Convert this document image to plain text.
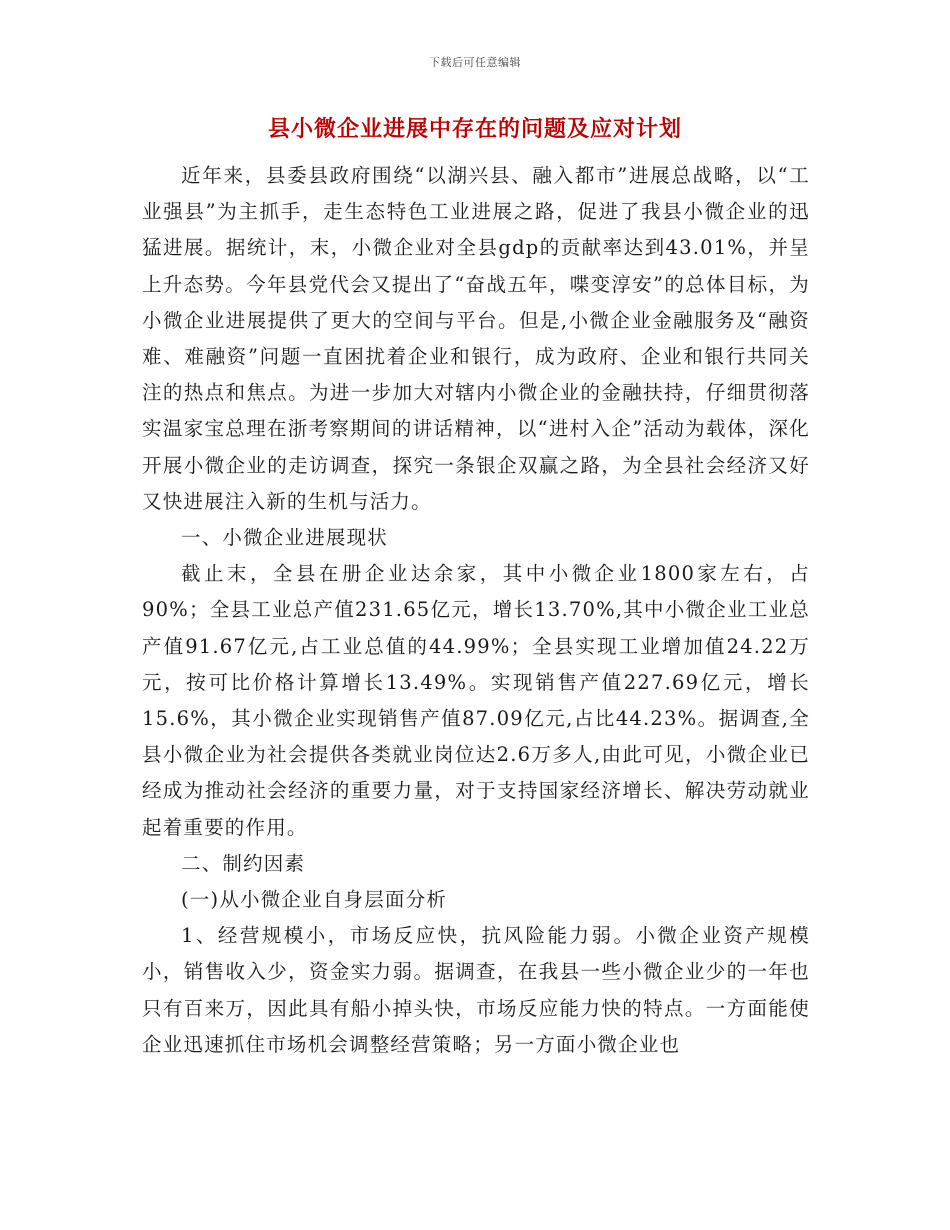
下载后可任意编辑
县小微企业进展中存在的问题及应对计划

近年来，县委县政府围绕“以湖兴县、融入都市”进展总战略，以“工业强县”为主抓手，走生态特色工业进展之路，促进了我县小微企业的迅猛进展。据统计，末，小微企业对全县gdp的贡献率达到43.01%，并呈上升态势。今年县党代会又提出了“奋战五年，喋变淳安”的总体目标，为小微企业进展提供了更大的空间与平台。但是,小微企业金融服务及“融资难、难融资”问题一直困扰着企业和银行，成为政府、企业和银行共同关注的热点和焦点。为进一步加大对辖内小微企业的金融扶持，仔细贯彻落实温家宝总理在浙考察期间的讲话精神，以“进村入企”活动为载体，深化开展小微企业的走访调查，探究一条银企双赢之路，为全县社会经济又好又快进展注入新的生机与活力。

一、小微企业进展现状

截止末，全县在册企业达余家，其中小微企业1800家左右，占90%；全县工业总产值231.65亿元，增长13.70%,其中小微企业工业总产值91.67亿元,占工业总值的44.99%；全县实现工业增加值24.22万元，按可比价格计算增长13.49%。实现销售产值227.69亿元，增长15.6%，其小微企业实现销售产值87.09亿元,占比44.23%。据调查,全县小微企业为社会提供各类就业岗位达2.6万多人,由此可见，小微企业已经成为推动社会经济的重要力量，对于支持国家经济增长、解决劳动就业起着重要的作用。

二、制约因素

(一)从小微企业自身层面分析

1、经营规模小，市场反应快，抗风险能力弱。小微企业资产规模小，销售收入少，资金实力弱。据调查，在我县一些小微企业少的一年也只有百来万，因此具有船小掉头快，市场反应能力快的特点。一方面能使企业迅速抓住市场机会调整经营策略；另一方面小微企业也
